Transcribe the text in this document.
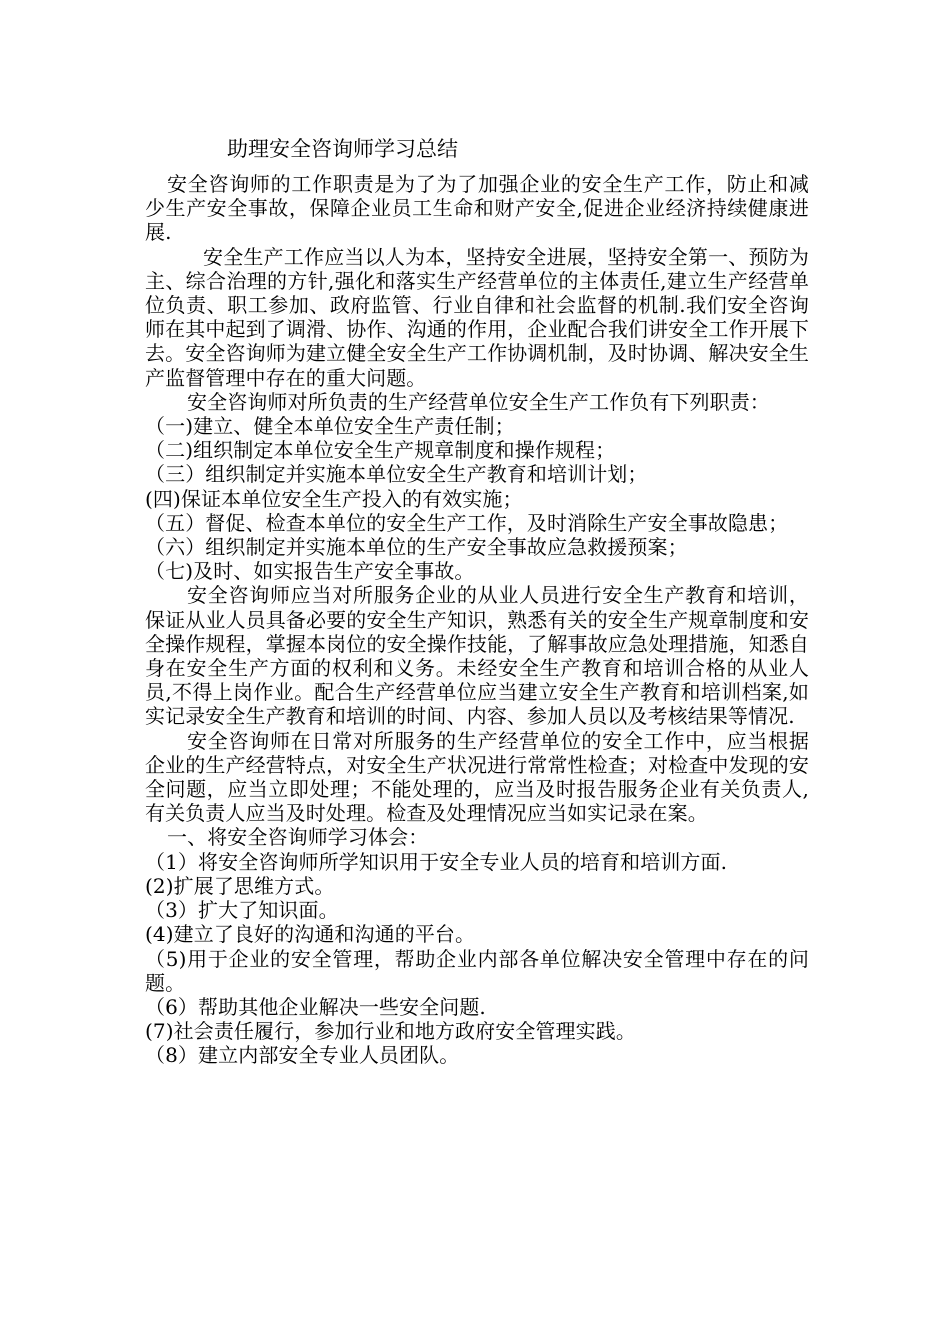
助理安全咨询师学习总结

安全咨询师的工作职责是为了为了加强企业的安全生产工作，防止和减少生产安全事故，保障企业员工生命和财产安全,促进企业经济持续健康进展.

安全生产工作应当以人为本，坚持安全进展，坚持安全第一、预防为主、综合治理的方针,强化和落实生产经营单位的主体责任,建立生产经营单位负责、职工参加、政府监管、行业自律和社会监督的机制.我们安全咨询师在其中起到了调滑、协作、沟通的作用，企业配合我们讲安全工作开展下去。安全咨询师为建立健全安全生产工作协调机制，及时协调、解决安全生产监督管理中存在的重大问题。

安全咨询师对所负责的生产经营单位安全生产工作负有下列职责：

（一)建立、健全本单位安全生产责任制；

（二)组织制定本单位安全生产规章制度和操作规程；

（三）组织制定并实施本单位安全生产教育和培训计划；

(四)保证本单位安全生产投入的有效实施；

（五）督促、检查本单位的安全生产工作，及时消除生产安全事故隐患；

（六）组织制定并实施本单位的生产安全事故应急救援预案；

（七)及时、如实报告生产安全事故。

安全咨询师应当对所服务企业的从业人员进行安全生产教育和培训，保证从业人员具备必要的安全生产知识，熟悉有关的安全生产规章制度和安全操作规程，掌握本岗位的安全操作技能，了解事故应急处理措施，知悉自身在安全生产方面的权利和义务。未经安全生产教育和培训合格的从业人员,不得上岗作业。配合生产经营单位应当建立安全生产教育和培训档案,如实记录安全生产教育和培训的时间、内容、参加人员以及考核结果等情况.

安全咨询师在日常对所服务的生产经营单位的安全工作中，应当根据企业的生产经营特点，对安全生产状况进行常常性检查；对检查中发现的安全问题，应当立即处理；不能处理的，应当及时报告服务企业有关负责人,有关负责人应当及时处理。检查及处理情况应当如实记录在案。

一、将安全咨询师学习体会：

（1）将安全咨询师所学知识用于安全专业人员的培育和培训方面.

(2)扩展了思维方式。

（3）扩大了知识面。

(4)建立了良好的沟通和沟通的平台。

（5)用于企业的安全管理，帮助企业内部各单位解决安全管理中存在的问题。

（6）帮助其他企业解决一些安全问题.

(7)社会责任履行，参加行业和地方政府安全管理实践。

（8）建立内部安全专业人员团队。
